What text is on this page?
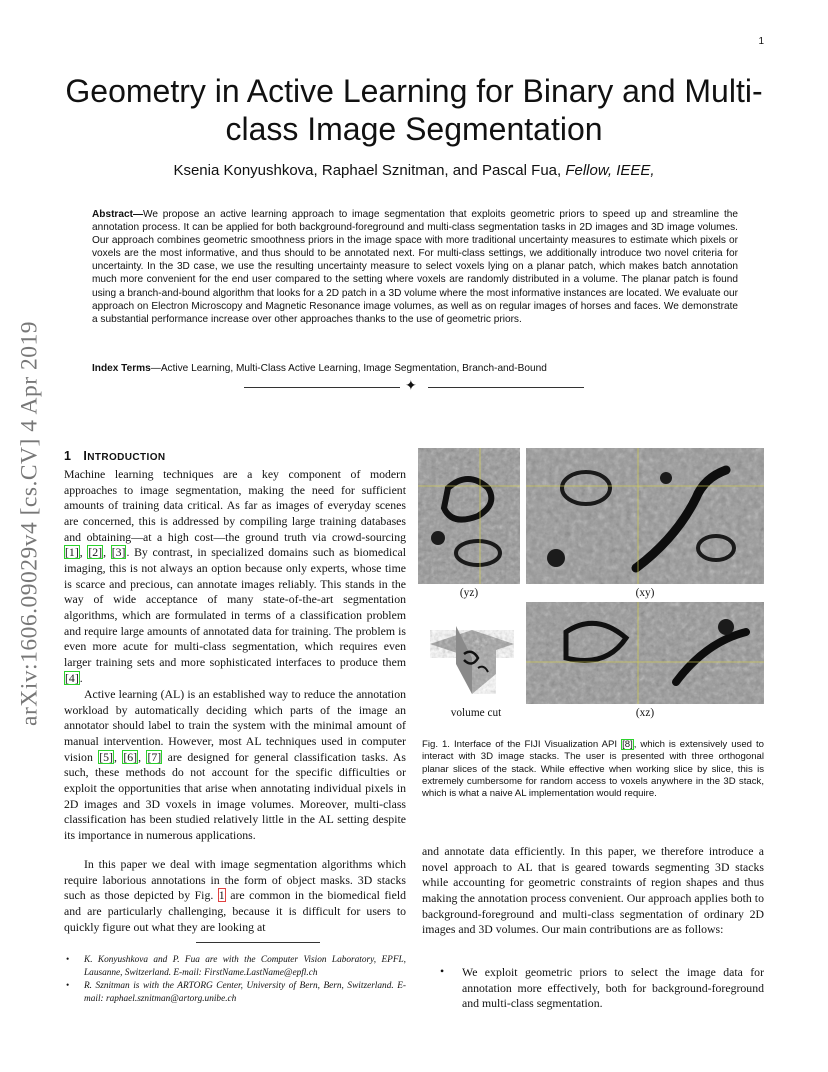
1
Geometry in Active Learning for Binary and Multi-class Image Segmentation
Ksenia Konyushkova, Raphael Sznitman, and Pascal Fua, Fellow, IEEE,
Abstract—We propose an active learning approach to image segmentation that exploits geometric priors to speed up and streamline the annotation process. It can be applied for both background-foreground and multi-class segmentation tasks in 2D images and 3D image volumes. Our approach combines geometric smoothness priors in the image space with more traditional uncertainty measures to estimate which pixels or voxels are the most informative, and thus should to be annotated next. For multi-class settings, we additionally introduce two novel criteria for uncertainty. In the 3D case, we use the resulting uncertainty measure to select voxels lying on a planar patch, which makes batch annotation much more convenient for the end user compared to the setting where voxels are randomly distributed in a volume. The planar patch is found using a branch-and-bound algorithm that looks for a 2D patch in a 3D volume where the most informative instances are located. We evaluate our approach on Electron Microscopy and Magnetic Resonance image volumes, as well as on regular images of horses and faces. We demonstrate a substantial performance increase over other approaches thanks to the use of geometric priors.
Index Terms—Active Learning, Multi-Class Active Learning, Image Segmentation, Branch-and-Bound
✦
arXiv:1606.09029v4 [cs.CV] 4 Apr 2019 1 INTRODUCTION
Machine learning techniques are a key component of modern approaches to image segmentation, making the need for sufficient amounts of training data critical. As far as images of everyday scenes are concerned, this is addressed by compiling large training databases and obtaining—at a high cost—the ground truth via crowd-sourcing [1], [2], [3]. By contrast, in specialized domains such as biomedical imaging, this is not always an option because only experts, whose time is scarce and precious, can annotate images reliably. This stands in the way of wide acceptance of many state-of-the-art segmentation algorithms, which are formulated in terms of a classification problem and require large amounts of annotated data for training. The problem is even more acute for multi-class segmentation, which requires even larger training sets and more sophisticated interfaces to produce them [4].
Active learning (AL) is an established way to reduce the annotation workload by automatically deciding which parts of the image an annotator should label to train the system with the minimal amount of manual intervention. However, most AL techniques used in computer vision [5], [6], [7] are designed for general classification tasks. As such, these methods do not account for the specific difficulties or exploit the opportunities that arise when annotating individual pixels in 2D images and 3D voxels in image volumes. Moreover, multi-class classification has been studied relatively little in the AL setting despite its importance in numerous applications.
In this paper we deal with image segmentation algorithms which require laborious annotations in the form of object masks. 3D stacks such as those depicted by Fig. 1 are common in the biomedical field and are particularly challenging, because it is difficult for users to quickly figure out what they are looking at
• K. Konyushkova and P. Fua are with the Computer Vision Laboratory, EPFL, Lausanne, Switzerland. E-mail: FirstName.LastName@epfl.ch
• R. Sznitman is with the ARTORG Center, University of Bern, Bern, Switzerland. E-mail: raphael.sznitman@artorg.unibe.ch
(yz)	(xy)
volume cut	(xz)
Fig. 1. Interface of the FIJI Visualization API [8], which is extensively used to interact with 3D image stacks. The user is presented with three orthogonal planar slices of the stack. While effective when working slice by slice, this is extremely cumbersome for random access to voxels anywhere in the 3D stack, which is what a naive AL implementation would require.
and annotate data efficiently. In this paper, we therefore introduce a novel approach to AL that is geared towards segmenting 3D stacks while accounting for geometric constraints of region shapes and thus making the annotation process convenient. Our approach applies both to background-foreground and multi-class segmentation of ordinary 2D images and 3D volumes. Our main contributions are as follows:
• We exploit geometric priors to select the image data for annotation more effectively, both for background-foreground and multi-class segmentation.
